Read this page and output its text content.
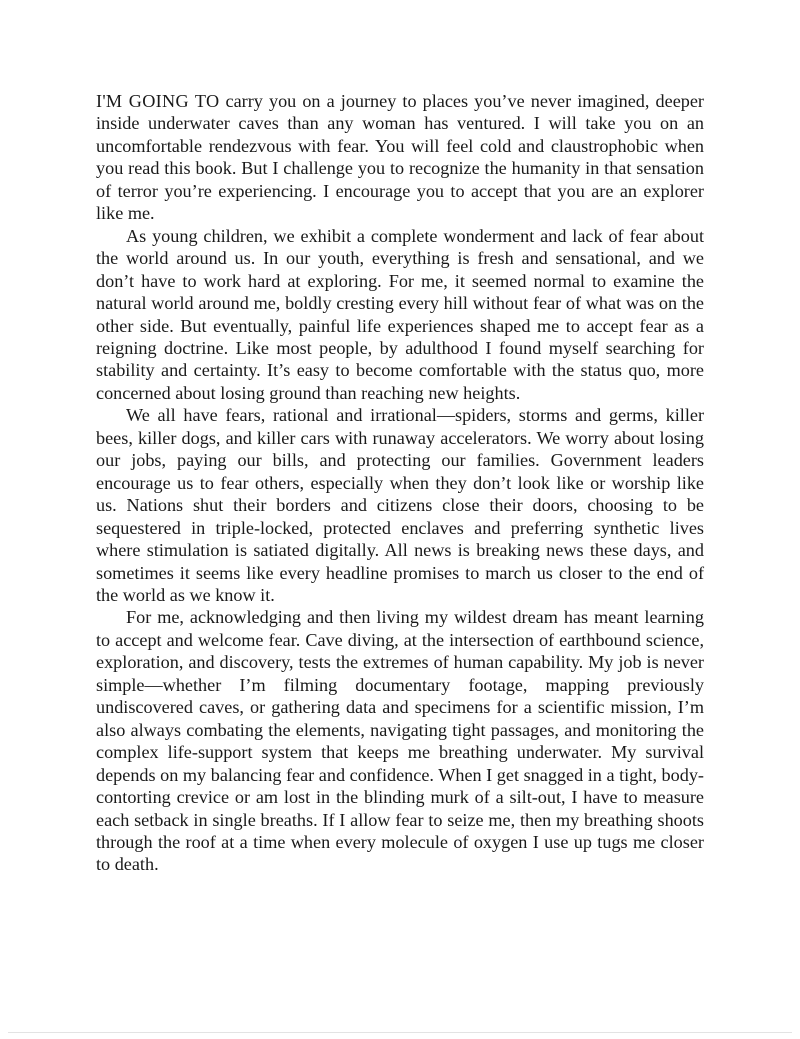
I'M GOING TO carry you on a journey to places you’ve never imagined, deeper inside underwater caves than any woman has ventured. I will take you on an uncomfortable rendezvous with fear. You will feel cold and claustrophobic when you read this book. But I challenge you to recognize the humanity in that sensation of terror you’re experiencing. I encourage you to accept that you are an explorer like me.

As young children, we exhibit a complete wonderment and lack of fear about the world around us. In our youth, everything is fresh and sensational, and we don’t have to work hard at exploring. For me, it seemed normal to examine the natural world around me, boldly cresting every hill without fear of what was on the other side. But eventually, painful life experiences shaped me to accept fear as a reigning doctrine. Like most people, by adulthood I found myself searching for stability and certainty. It’s easy to become comfortable with the status quo, more concerned about losing ground than reaching new heights.

We all have fears, rational and irrational—spiders, storms and germs, killer bees, killer dogs, and killer cars with runaway accelerators. We worry about losing our jobs, paying our bills, and protecting our families. Government leaders encourage us to fear others, especially when they don’t look like or worship like us. Nations shut their borders and citizens close their doors, choosing to be sequestered in triple-locked, protected enclaves and preferring synthetic lives where stimulation is satiated digitally. All news is breaking news these days, and sometimes it seems like every headline promises to march us closer to the end of the world as we know it.

For me, acknowledging and then living my wildest dream has meant learning to accept and welcome fear. Cave diving, at the intersection of earthbound science, exploration, and discovery, tests the extremes of human capability. My job is never simple—whether I’m filming documentary footage, mapping previously undiscovered caves, or gathering data and specimens for a scientific mission, I’m also always combating the elements, navigating tight passages, and monitoring the complex life-support system that keeps me breathing underwater. My survival depends on my balancing fear and confidence. When I get snagged in a tight, body-contorting crevice or am lost in the blinding murk of a silt-out, I have to measure each setback in single breaths. If I allow fear to seize me, then my breathing shoots through the roof at a time when every molecule of oxygen I use up tugs me closer to death.
